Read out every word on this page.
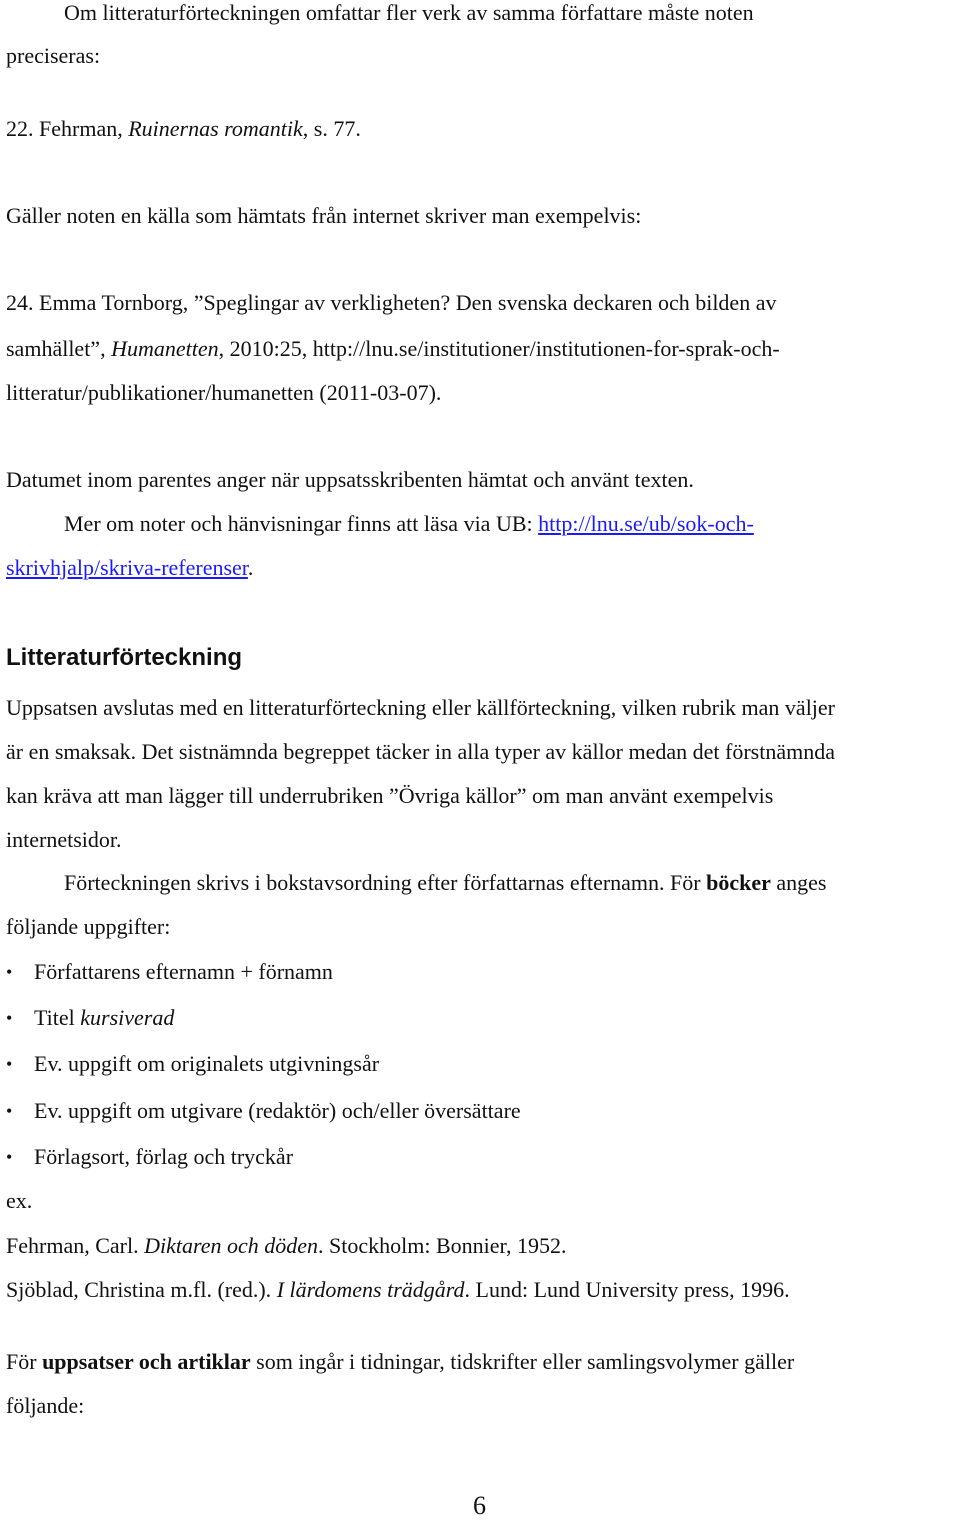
Om litteraturförteckningen omfattar fler verk av samma författare måste noten

preciseras:

22. Fehrman, Ruinernas romantik, s. 77.

Gäller noten en källa som hämtats från internet skriver man exempelvis:

24. Emma Tornborg, ”Speglingar av verkligheten? Den svenska deckaren och bilden av

samhället”, Humanetten, 2010:25, http://lnu.se/institutioner/institutionen-for-sprak-och-

litteratur/publikationer/humanetten (2011-03-07).

Datumet inom parentes anger när uppsatsskribenten hämtat och använt texten.

Mer om noter och hänvisningar finns att läsa via UB: http://lnu.se/ub/sok-och-

skrivhjalp/skriva-referenser.

Litteraturförteckning

Uppsatsen avslutas med en litteraturförteckning eller källförteckning, vilken rubrik man väljer

är en smaksak. Det sistnämnda begreppet täcker in alla typer av källor medan det förstnämnda

kan kräva att man lägger till underrubriken ”Övriga källor” om man använt exempelvis

internetsidor.

Förteckningen skrivs i bokstavsordning efter författarnas efternamn. För böcker anges

följande uppgifter:

• Författarens efternamn + förnamn

• Titel kursiverad

• Ev. uppgift om originalets utgivningsår

• Ev. uppgift om utgivare (redaktör) och/eller översättare

• Förlagsort, förlag och tryckår

ex.

Fehrman, Carl. Diktaren och döden. Stockholm: Bonnier, 1952.

Sjöblad, Christina m.fl. (red.). I lärdomens trädgård. Lund: Lund University press, 1996.

För uppsatser och artiklar som ingår i tidningar, tidskrifter eller samlingsvolymer gäller

följande:

6
